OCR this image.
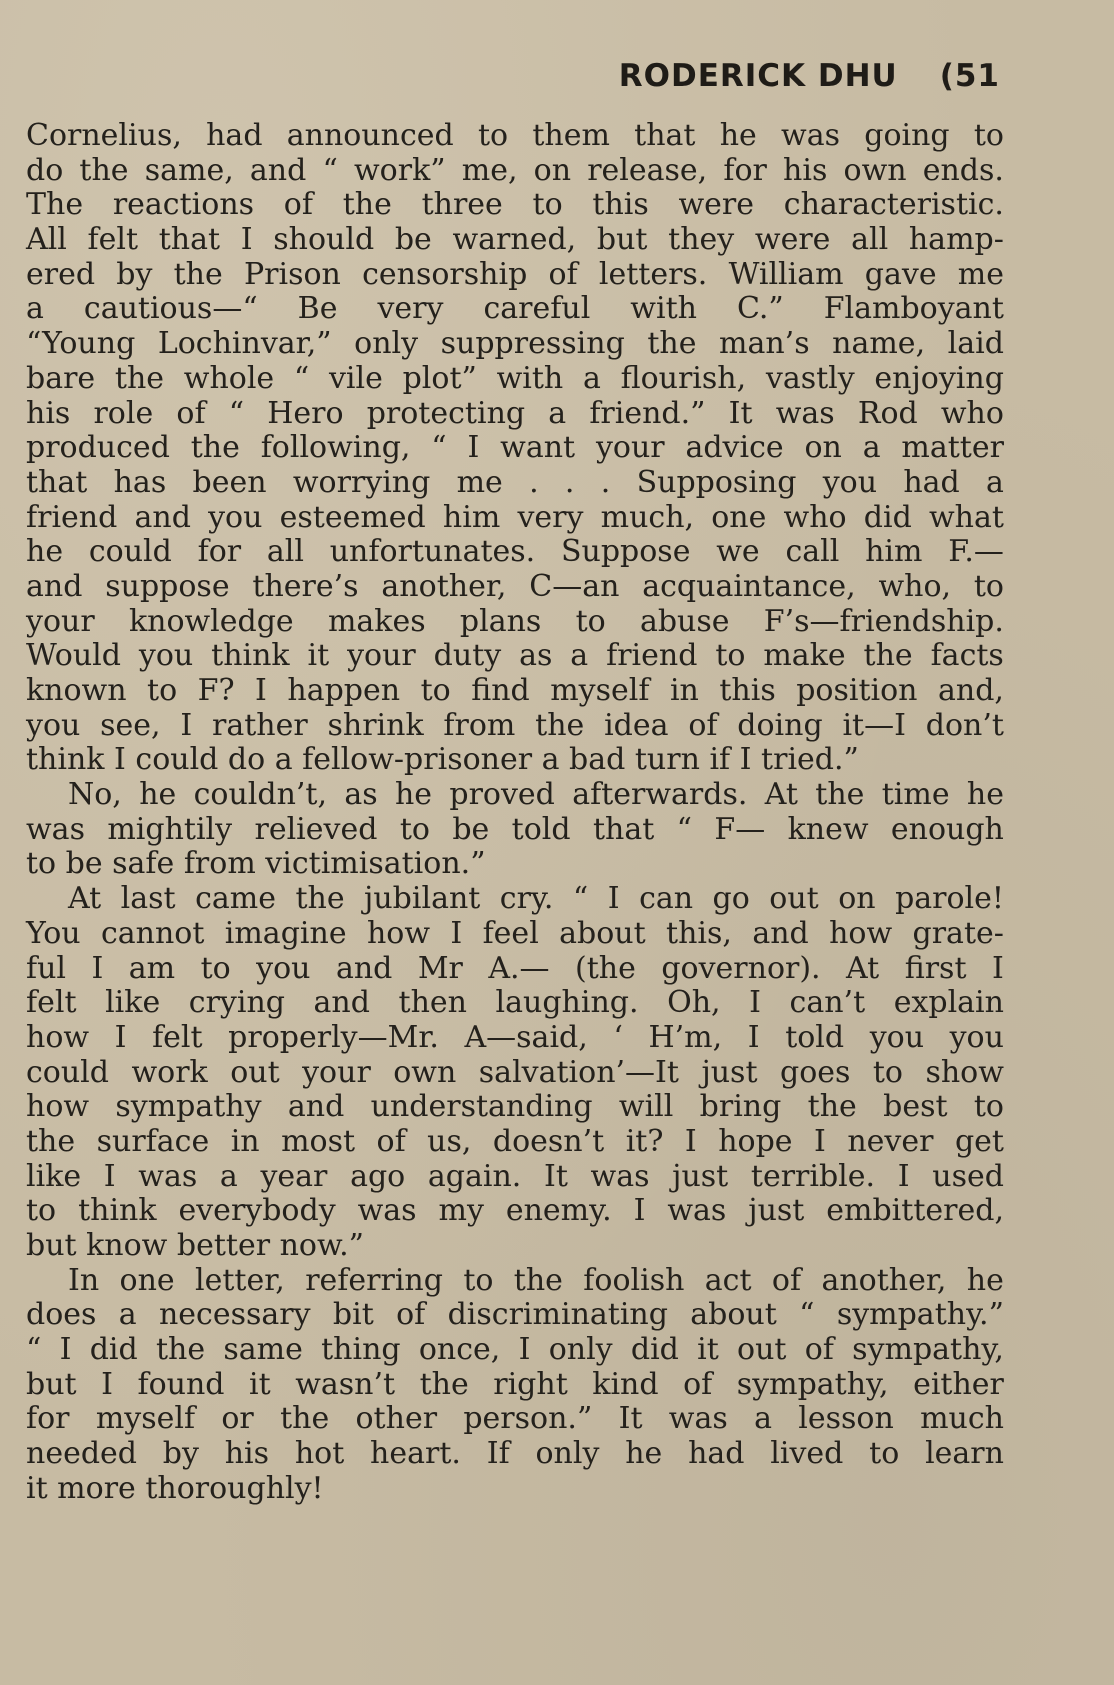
RODERICK DHU (51
Cornelius, had announced to them that he was going to
do the same, and “ work” me, on release, for his own ends.
The reactions of the three to this were characteristic.
All felt that I should be warned, but they were all hamp-
ered by the Prison censorship of letters. William gave me
a cautious—“ Be very careful with C.” Flamboyant
“Young Lochinvar,” only suppressing the man’s name, laid
bare the whole “ vile plot” with a flourish, vastly enjoying
his role of “ Hero protecting a friend.” It was Rod who
produced the following, “ I want your advice on a matter
that has been worrying me . . . Supposing you had a
friend and you esteemed him very much, one who did what
he could for all unfortunates. Suppose we call him F.—
and suppose there’s another, C—an acquaintance, who, to
your knowledge makes plans to abuse F’s—friendship.
Would you think it your duty as a friend to make the facts
known to F? I happen to find myself in this position and,
you see, I rather shrink from the idea of doing it—I don’t
think I could do a fellow-prisoner a bad turn if I tried.”
No, he couldn’t, as he proved afterwards. At the time he
was mightily relieved to be told that “ F— knew enough
to be safe from victimisation.”
At last came the jubilant cry. “ I can go out on parole!
You cannot imagine how I feel about this, and how grate-
ful I am to you and Mr A.— (the governor). At first I
felt like crying and then laughing. Oh, I can’t explain
how I felt properly—Mr. A—said, ‘ H’m, I told you you
could work out your own salvation’—It just goes to show
how sympathy and understanding will bring the best to
the surface in most of us, doesn’t it? I hope I never get
like I was a year ago again. It was just terrible. I used
to think everybody was my enemy. I was just embittered,
but know better now.”
In one letter, referring to the foolish act of another, he
does a necessary bit of discriminating about “ sympathy.”
“ I did the same thing once, I only did it out of sympathy,
but I found it wasn’t the right kind of sympathy, either
for myself or the other person.” It was a lesson much
needed by his hot heart. If only he had lived to learn
it more thoroughly!
